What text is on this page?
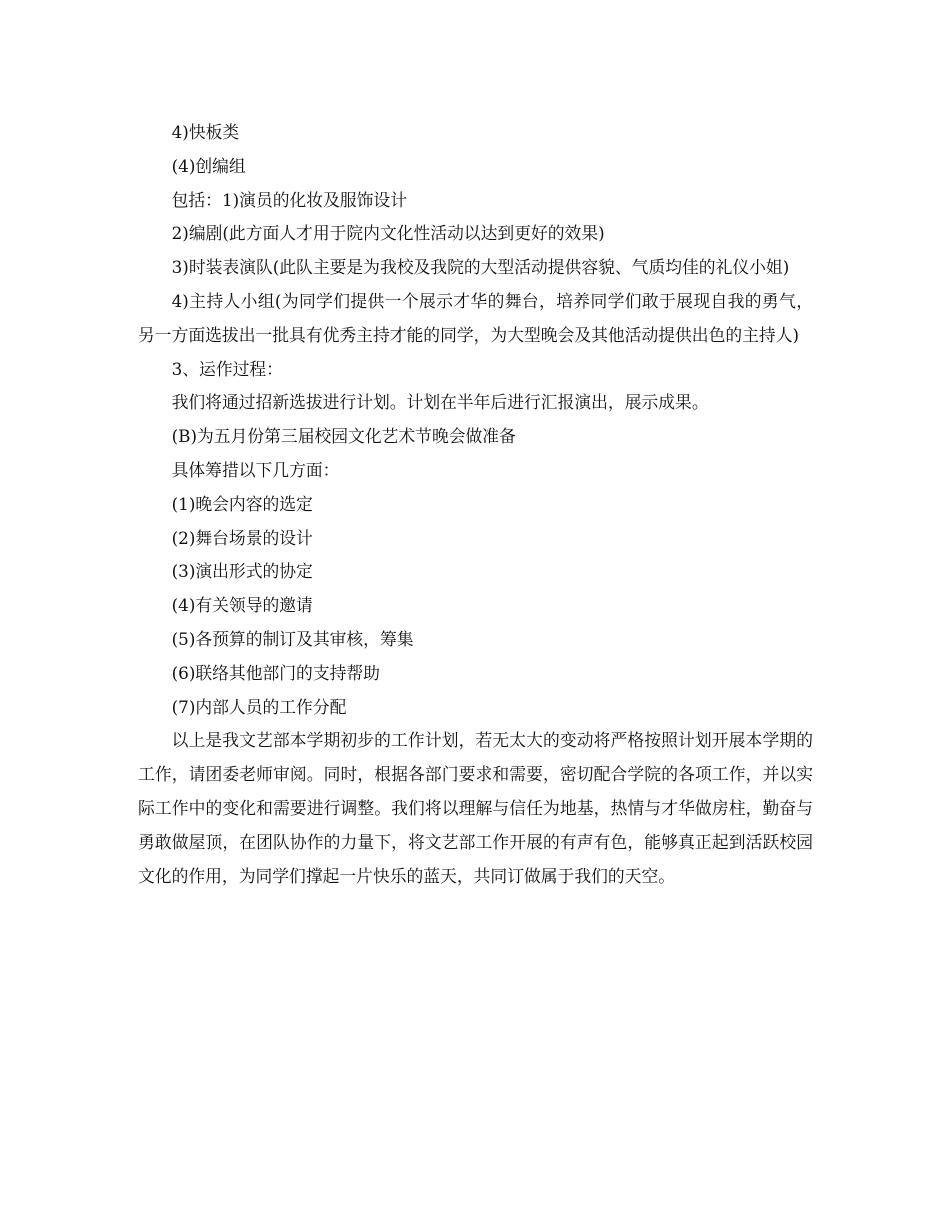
4)快板类

(4)创编组

包括：1)演员的化妆及服饰设计

2)编剧(此方面人才用于院内文化性活动以达到更好的效果)

3)时装表演队(此队主要是为我校及我院的大型活动提供容貌、气质均佳的礼仪小姐)

4)主持人小组(为同学们提供一个展示才华的舞台，培养同学们敢于展现自我的勇气，另一方面选拔出一批具有优秀主持才能的同学，为大型晚会及其他活动提供出色的主持人)

3、运作过程：

我们将通过招新选拔进行计划。计划在半年后进行汇报演出，展示成果。

(B)为五月份第三届校园文化艺术节晚会做准备

具体筹措以下几方面：

(1)晚会内容的选定

(2)舞台场景的设计

(3)演出形式的协定

(4)有关领导的邀请

(5)各预算的制订及其审核，筹集

(6)联络其他部门的支持帮助

(7)内部人员的工作分配

以上是我文艺部本学期初步的工作计划，若无太大的变动将严格按照计划开展本学期的工作，请团委老师审阅。同时，根据各部门要求和需要，密切配合学院的各项工作，并以实际工作中的变化和需要进行调整。我们将以理解与信任为地基，热情与才华做房柱，勤奋与勇敢做屋顶，在团队协作的力量下，将文艺部工作开展的有声有色，能够真正起到活跃校园文化的作用，为同学们撑起一片快乐的蓝天，共同订做属于我们的天空。
